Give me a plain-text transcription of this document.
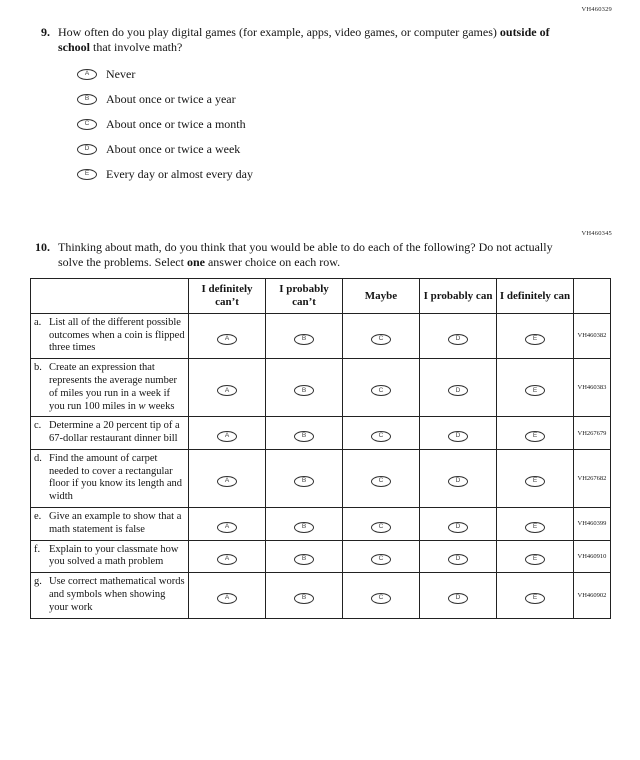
VH460329
9. How often do you play digital games (for example, apps, video games, or computer games) outside of school that involve math?
A Never
B About once or twice a year
C About once or twice a month
D About once or twice a week
E Every day or almost every day
VH460345
10. Thinking about math, do you think that you would be able to do each of the following? Do not actually solve the problems. Select one answer choice on each row.
	I definitely can’t	I probably can’t	Maybe	I probably can	I definitely can	

a. List all of the different possible outcomes when a coin is flipped three times	A	B	C	D	E	VH460382

b. Create an expression that represents the average number of miles you run in a week if you run 100 miles in w weeks	A	B	C	D	E	VH460383

c. Determine a 20 percent tip of a 67-dollar restaurant dinner bill	A	B	C	D	E	VH267679

d. Find the amount of carpet needed to cover a rectangular floor if you know its length and width	A	B	C	D	E	VH267682

e. Give an example to show that a math statement is false	A	B	C	D	E	VH460399

f. Explain to your classmate how you solved a math problem	A	B	C	D	E	VH460910

g. Use correct mathematical words and symbols when showing your work	A	B	C	D	E	VH460902
